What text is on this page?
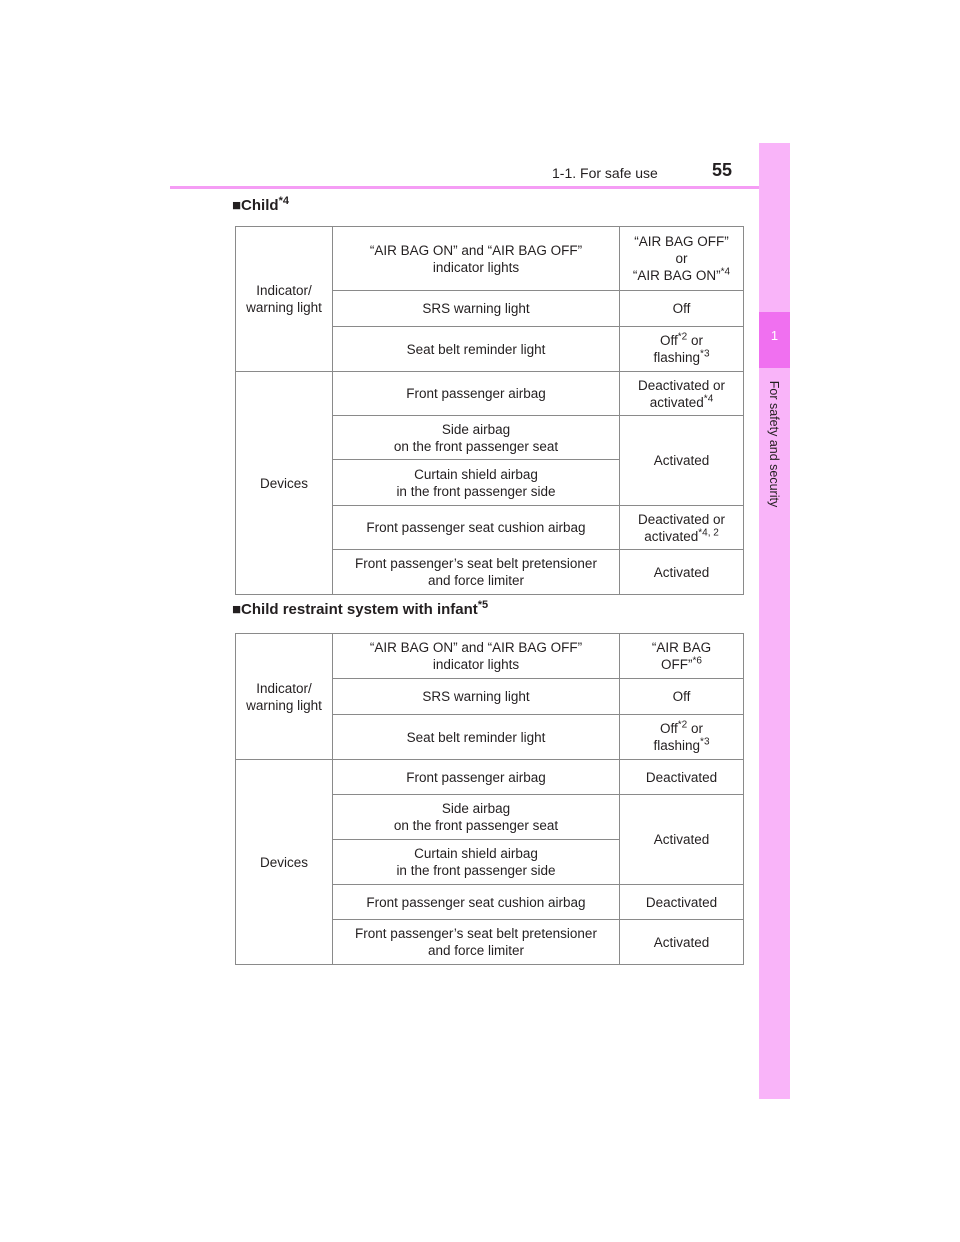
1-1. For safe use	55
1
For safety and security
■Child$^{*4}$
Indicator/
warning light	“AIR BAG ON” and “AIR BAG OFF”
indicator lights	“AIR BAG OFF”
or
“AIR BAG ON”$^{*4}$
	SRS warning light	Off
	Seat belt reminder light	Off$^{*2}$ or
flashing$^{*3}$
Devices	Front passenger airbag	Deactivated or
activated$^{*4}$
	Side airbag
on the front passenger seat	Activated
	Curtain shield airbag
in the front passenger side	
	Front passenger seat cushion airbag	Deactivated or
activated$^{*4, 2}$
	Front passenger’s seat belt pretensioner
and force limiter	Activated
■Child restraint system with infant$^{*5}$
Indicator/
warning light	“AIR BAG ON” and “AIR BAG OFF”
indicator lights	“AIR BAG
OFF”$^{*6}$
	SRS warning light	Off
	Seat belt reminder light	Off$^{*2}$ or
flashing$^{*3}$
Devices	Front passenger airbag	Deactivated
	Side airbag
on the front passenger seat	Activated
	Curtain shield airbag
in the front passenger side	
	Front passenger seat cushion airbag	Deactivated
	Front passenger’s seat belt pretensioner
and force limiter	Activated
